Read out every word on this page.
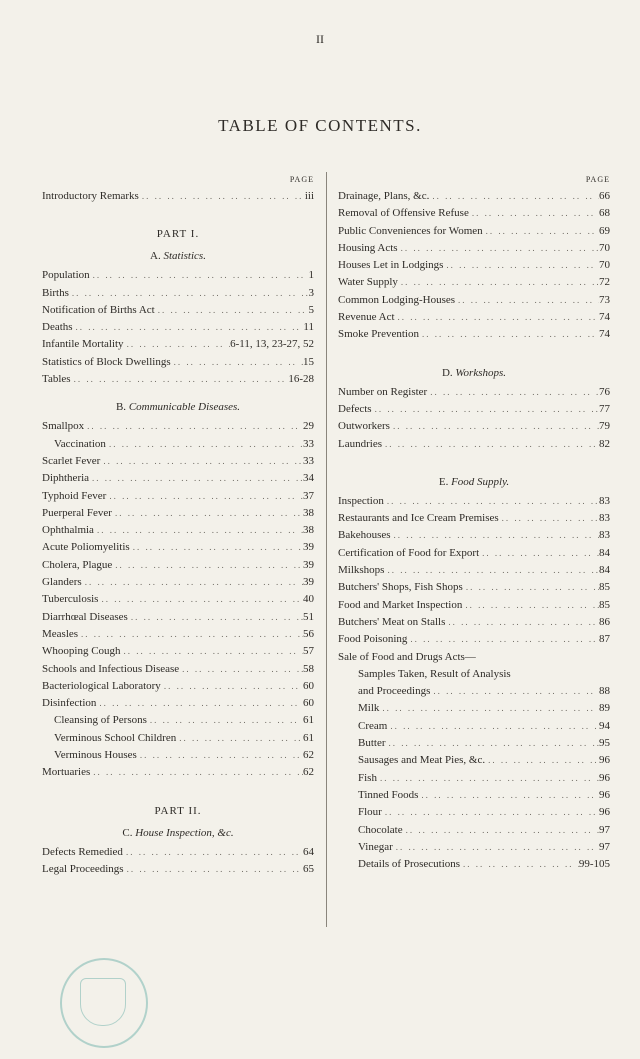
II
TABLE OF CONTENTS.
PAGE
Introductory Remarks .. ..	iii
PART I.
A. Statistics.
Population .. ..	1
Births .. ..	3
Notification of Births Act .. ..	5
Deaths .. ..	11
Infantile Mortality .. ..	6-11, 13, 23-27, 52
Statistics of Block Dwellings .. ..	15
Tables .. ..	16-28
B. Communicable Diseases.
Smallpox .. ..	29
Vaccination .. ..	33
Scarlet Fever .. ..	33
Diphtheria .. ..	34
Typhoid Fever .. ..	37
Puerperal Fever .. ..	38
Ophthalmia .. ..	38
Acute Poliomyelitis .. ..	39
Cholera, Plague .. ..	39
Glanders .. ..	39
Tuberculosis .. ..	40
Diarrhœal Diseases .. ..	51
Measles .. ..	56
Whooping Cough .. ..	57
Schools and Infectious Disease .. ..	58
Bacteriological Laboratory .. ..	60
Disinfection .. ..	60
Cleansing of Persons .. ..	61
Verminous School Children .. ..	61
Verminous Houses .. ..	62
Mortuaries .. ..	62
PART II.
C. House Inspection, &c.
Defects Remedied .. ..	64
Legal Proceedings .. ..	65
PAGE
Drainage, Plans, &c. .. ..	66
Removal of Offensive Refuse .. ..	68
Public Conveniences for Women .. ..	69
Housing Acts .. ..	70
Houses Let in Lodgings .. ..	70
Water Supply .. ..	72
Common Lodging-Houses .. ..	73
Revenue Act .. ..	74
Smoke Prevention .. ..	74
D. Workshops.
Number on Register .. ..	76
Defects .. ..	77
Outworkers .. ..	79
Laundries .. ..	82
E. Food Supply.
Inspection .. ..	83
Restaurants and Ice Cream Premises .. ..	83
Bakehouses .. ..	83
Certification of Food for Export .. ..	84
Milkshops .. ..	84
Butchers' Shops, Fish Shops .. ..	85
Food and Market Inspection .. ..	85
Butchers' Meat on Stalls .. ..	86
Food Poisoning .. ..	87
Sale of Food and Drugs Acts—
Samples Taken, Result of Analysis
and Proceedings .. ..	88
Milk .. ..	89
Cream .. ..	94
Butter .. ..	95
Sausages and Meat Pies, &c. .. ..	96
Fish .. ..	96
Tinned Foods .. ..	96
Flour .. ..	96
Chocolate .. ..	97
Vinegar .. ..	97
Details of Prosecutions .. ..	99-105
